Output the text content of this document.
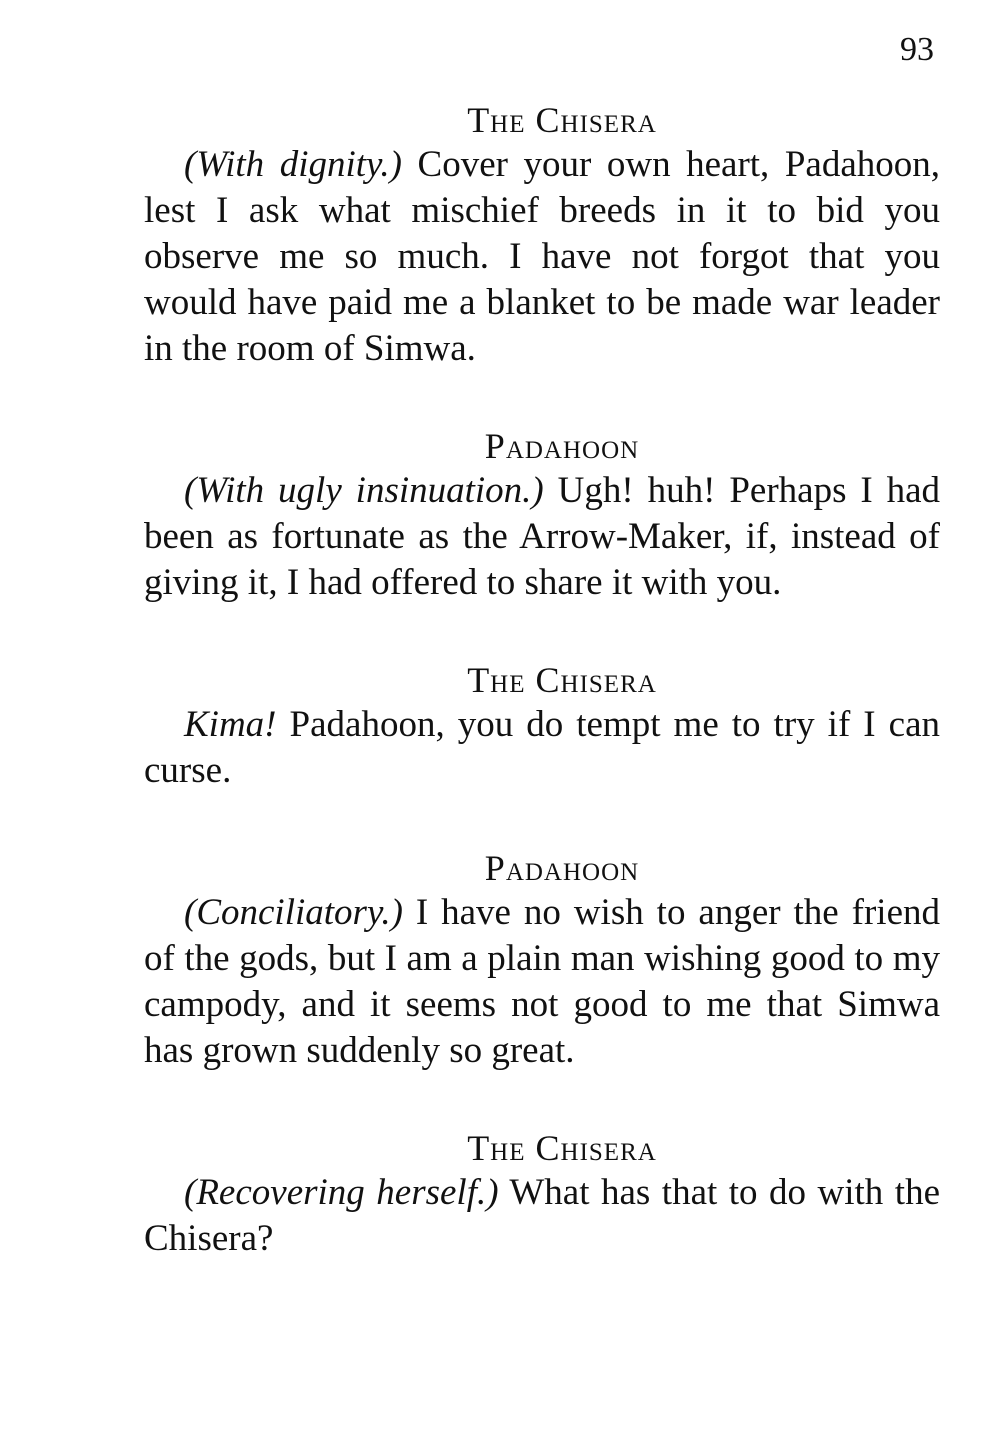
93
The Chisera

(With dignity.) Cover your own heart, Padahoon, lest I ask what mischief breeds in it to bid you observe me so much. I have not forgot that you would have paid me a blanket to be made war leader in the room of Simwa.

Padahoon

(With ugly insinuation.) Ugh! huh! Perhaps I had been as fortunate as the Arrow-Maker, if, instead of giving it, I had offered to share it with you.

The Chisera

Kima! Padahoon, you do tempt me to try if I can curse.

Padahoon

(Conciliatory.) I have no wish to anger the friend of the gods, but I am a plain man wishing good to my campody, and it seems not good to me that Simwa has grown suddenly so great.

The Chisera

(Recovering herself.) What has that to do with the Chisera?
